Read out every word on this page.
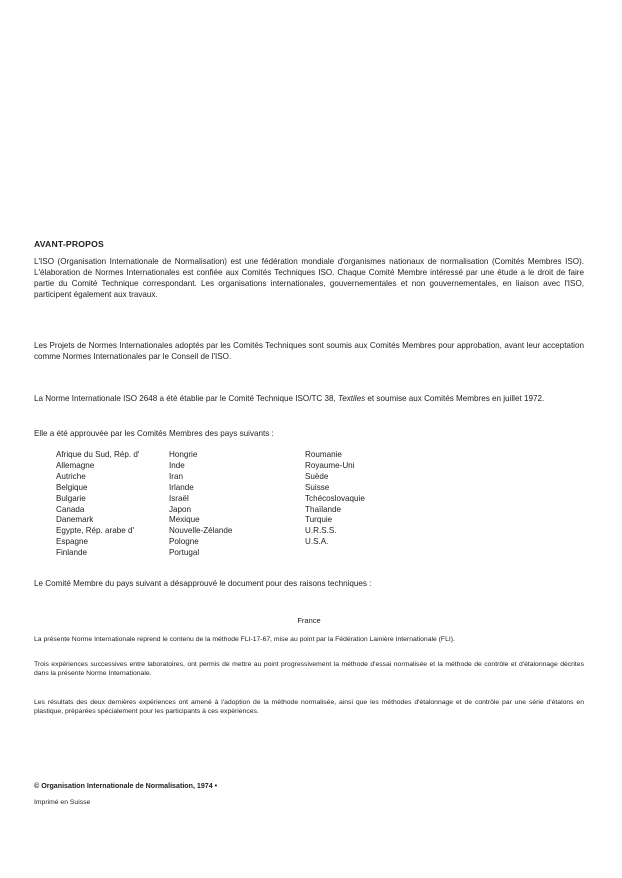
AVANT-PROPOS

L'ISO (Organisation Internationale de Normalisation) est une fédération mondiale d'organismes nationaux de normalisation (Comités Membres ISO). L'élaboration de Normes Internationales est confiée aux Comités Techniques ISO. Chaque Comité Membre intéressé par une étude a le droit de faire partie du Comité Technique correspondant. Les organisations internationales, gouvernementales et non gouvernementales, en liaison avec l'ISO, participent également aux travaux.

Les Projets de Normes Internationales adoptés par les Comités Techniques sont soumis aux Comités Membres pour approbation, avant leur acceptation comme Normes Internationales par le Conseil de l'ISO.

La Norme Internationale ISO 2648 a été établie par le Comité Technique ISO/TC 38, Textiles et soumise aux Comités Membres en juillet 1972.

Elle a été approuvée par les Comités Membres des pays suivants :

Afrique du Sud, Rép. d'
Allemagne
Autriche
Belgique
Bulgarie
Canada
Danemark
Egypte, Rép. arabe d'
Espagne
Finlande
Hongrie
Inde
Iran
Irlande
Israël
Japon
Mexique
Nouvelle-Zélande
Pologne
Portugal
Roumanie
Royaume-Uni
Suède
Suisse
Tchécoslovaquie
Thaïlande
Turquie
U.R.S.S.
U.S.A.

Le Comité Membre du pays suivant a désapprouvé le document pour des raisons techniques :

France

La présente Norme Internationale reprend le contenu de la méthode FLI-17-67, mise au point par la Fédération Lainière Internationale (FLI).

Trois expériences successives entre laboratoires, ont permis de mettre au point progressivement la méthode d'essai normalisée et la méthode de contrôle et d'étalonnage décrites dans la présente Norme Internationale.

Les résultats des deux dernières expériences ont amené à l'adoption de la méthode normalisée, ainsi que les méthodes d'étalonnage et de contrôle par une série d'étalons en plastique, préparées spécialement pour les participants à ces expériences.

© Organisation Internationale de Normalisation, 1974 •
Imprimé en Suisse
